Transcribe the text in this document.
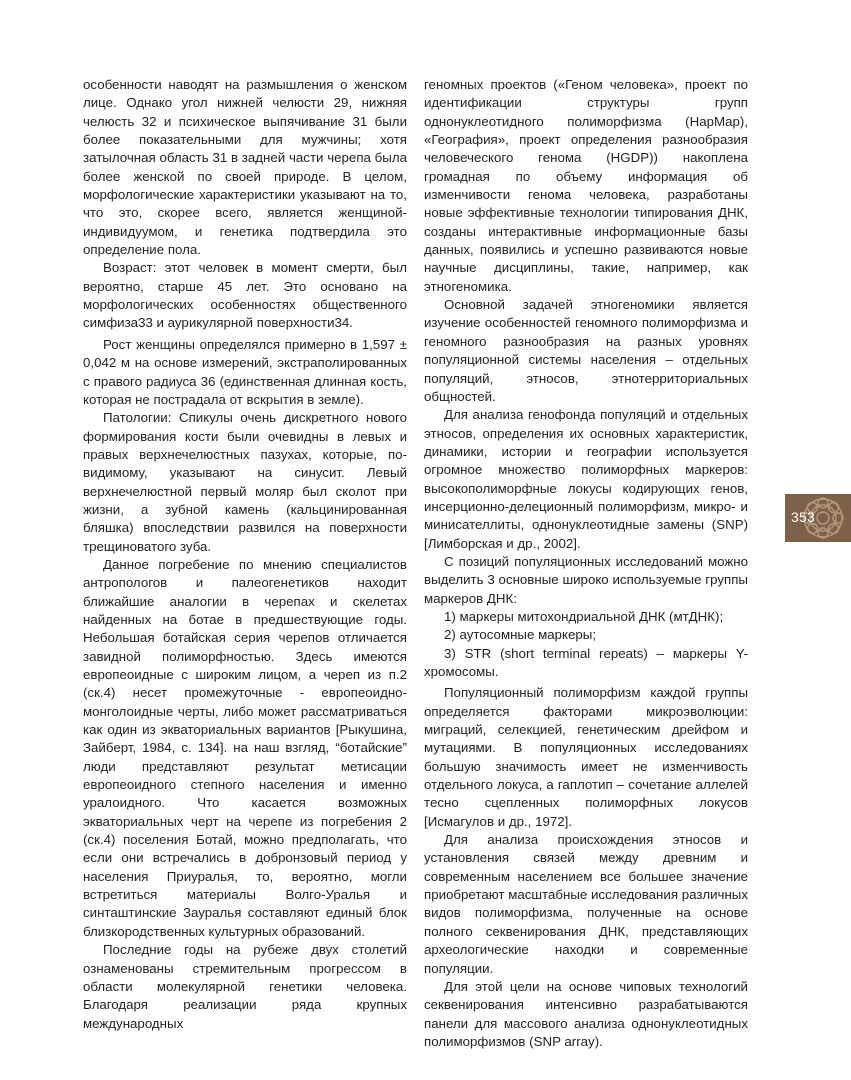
особенности наводят на размышления о женском лице. Однако угол нижней челюсти 29, нижняя челюсть 32 и психическое выпячивание 31 были более показательными для мужчины; хотя затылочная область 31 в задней части черепа была более женской по своей природе. В целом, морфологические характеристики указывают на то, что это, скорее всего, является женщиной-индивидуумом, и генетика подтвердила это определение пола.

Возраст: этот человек в момент смерти, был вероятно, старше 45 лет. Это основано на морфологических особенностях общественного симфиза33 и аурикулярной поверхности34.

Рост женщины определялся примерно в 1,597 ± 0,042 м на основе измерений, экстраполированных с правого радиуса 36 (единственная длинная кость, которая не пострадала от вскрытия в земле).

Патологии: Спикулы очень дискретного нового формирования кости были очевидны в левых и правых верхнечелюстных пазухах, которые, по-видимому, указывают на синусит. Левый верхнечелюстной первый моляр был сколот при жизни, а зубной камень (кальцинированная бляшка) впоследствии развился на поверхности трещиноватого зуба.

Данное погребение по мнению специалистов антропологов и палеогенетиков находит ближайшие аналогии в черепах и скелетах найденных на ботае в предшествующие годы. Небольшая ботайская серия черепов отличается завидной полиморфностью. Здесь имеются европеоидные с широким лицом, а череп из п.2 (ск.4) несет промежуточные - европеоидно-монголоидные черты, либо может рассматриваться как один из экваториальных вариантов [Рыкушина, Зайберт, 1984, с. 134]. на наш взгляд, “ботайские” люди представляют результат метисации европеоидного степного населения и именно уралоидного. Что касается возможных экваториальных черт на черепе из погребения 2 (ск.4) поселения Ботай, можно предполагать, что если они встречались в добронзовый период у населения Приуралья, то, вероятно, могли встретиться материалы Волго-Уралья и синташтинские Зауралья составляют единый блок близкородственных культурных образований.

Последние годы на рубеже двух столетий ознаменованы стремительным прогрессом в области молекулярной генетики человека. Благодаря реализации ряда крупных международных

геномных проектов («Геном человека», проект по идентификации структуры групп однонуклеотидного полиморфизма (HapMap), «География», проект определения разнообразия человеческого генома (HGDP)) накоплена громадная по объему информация об изменчивости генома человека, разработаны новые эффективные технологии типирования ДНК, созданы интерактивные информационные базы данных, появились и успешно развиваются новые научные дисциплины, такие, например, как этногеномика.

Основной задачей этногеномики является изучение особенностей геномного полиморфизма и геномного разнообразия на разных уровнях популяционной системы населения – отдельных популяций, этносов, этнотерриториальных общностей.

Для анализа генофонда популяций и отдельных этносов, определения их основных характеристик, динамики, истории и географии используется огромное множество полиморфных маркеров: высокополиморфные локусы кодирующих генов, инсерционно-делеционный полиморфизм, микро- и минисателлиты, однонуклеотидные замены (SNP) [Лимборская и др., 2002].

С позиций популяционных исследований можно выделить 3 основные широко используемые группы маркеров ДНК:

1) маркеры митохондриальной ДНК (мтДНК);

2) аутосомные маркеры;

3) STR (short terminal repeats) – маркеры Y-хромосомы.

Популяционный полиморфизм каждой группы определяется факторами микроэволюции: миграций, селекцией, генетическим дрейфом и мутациями. В популяционных исследованиях большую значимость имеет не изменчивость отдельного локуса, а гаплотип – сочетание аллелей тесно сцепленных полиморфных локусов [Исмагулов и др., 1972].

Для анализа происхождения этносов и установления связей между древним и современным населением все большее значение приобретают масштабные исследования различных видов полиморфизма, полученные на основе полного секвенирования ДНК, представляющих археологические находки и современные популяции.

Для этой цели на основе чиповых технологий секвенирования интенсивно разрабатываются панели для массового анализа однонуклеотидных полиморфизмов (SNP array).

353
